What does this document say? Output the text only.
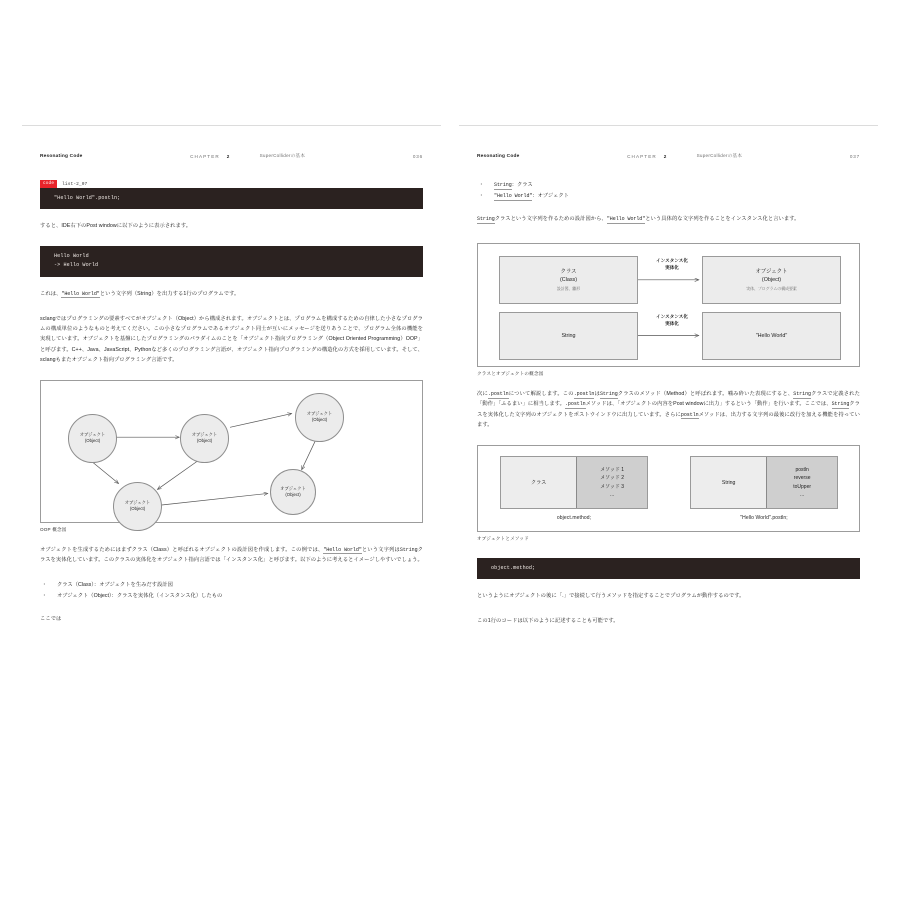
Resonating Code	CHAPTER 2	SuperColliderの基本	036
code	list-2_07
"Hello World".postln;

すると、IDE右下のPost windowに以下のように表示されます。

Hello World
-> Hello World

これは、"Hello World"という文字列（String）を出力する1行のプログラムです。

sclangではプログラミングの要素すべてがオブジェクト（Object）から構成されます。オブジェクトとは、プログラムを構成するための自律した小さなプログラムの構成単位のようなものと考えてください。この小さなプログラムであるオブジェクト同士が互いにメッセージを送りあうことで、プログラム全体の機能を実現しています。オブジェクトを基盤にしたプログラミングのパラダイムのことを「オブジェクト指向プログラミング（Object Oriented Programming）OOP」と呼びます。C++、Java、JavaScript、Pythonなど多くのプログラミング言語が、オブジェクト指向プログラミングの構造化の方式を採用しています。そして、sclangもまたオブジェクト指向プログラミング言語です。

オブジェクト
(Object)
オブジェクト
(Object)
オブジェクト
(Object)
オブジェクト
(Object)
オブジェクト
(Object)
OOP 概念図

オブジェクトを生成するためにはまずクラス（Class）と呼ばれるオブジェクトの設計図を作成します。この例では、"Hello World"という文字列はStringクラスを実体化しています。このクラスの実体化をオブジェクト指向言語では「インスタンス化」と呼びます。以下のように考えるとイメージしやすいでしょう。

･ クラス（Class）：オブジェクトを生みだす設計図
･ オブジェクト（Object）：クラスを実体化（インスタンス化）したもの

ここでは

Resonating Code	CHAPTER 2	SuperColliderの基本	037
･ String：クラス
･ "Hello World"：オブジェクト

Stringクラスという文字列を作るための設計図から、"Hello World"という具体的な文字列を作ることをインスタンス化と言います。

クラス
(Class)
設計図、雛形
インスタンス化
実体化
オブジェクト
(Object)
実体、プログラムの構成要素
String
インスタンス化
実体化
"Hello World"
クラスとオブジェクトの概念図

次に.postlnについて解説します。この.postlnはStringクラスのメソッド（Method）と呼ばれます。噛み砕いた表現にすると、Stringクラスで定義された「動作」「ふるまい」に相当します。.postlnメソッドは、「オブジェクトの内容をPost windowに出力」するという「動作」を行います。ここでは、Stringクラスを実体化した文字列のオブジェクトをポストウインドウに出力しています。さらにpostlnメソッドは、出力する文字列の最後に改行を加える機能を持っています。

クラス
メソッド 1
メソッド 2
メソッド 3
…
object.method;
String
postln
reverse
toUpper
…
"Hello World".postln;
オブジェクトとメソッド
object.method;

というようにオブジェクトの後に「.」で接続して行うメソッドを指定することでプログラムが動作するのです。

この1行のコードは以下のように記述することも可能です。
